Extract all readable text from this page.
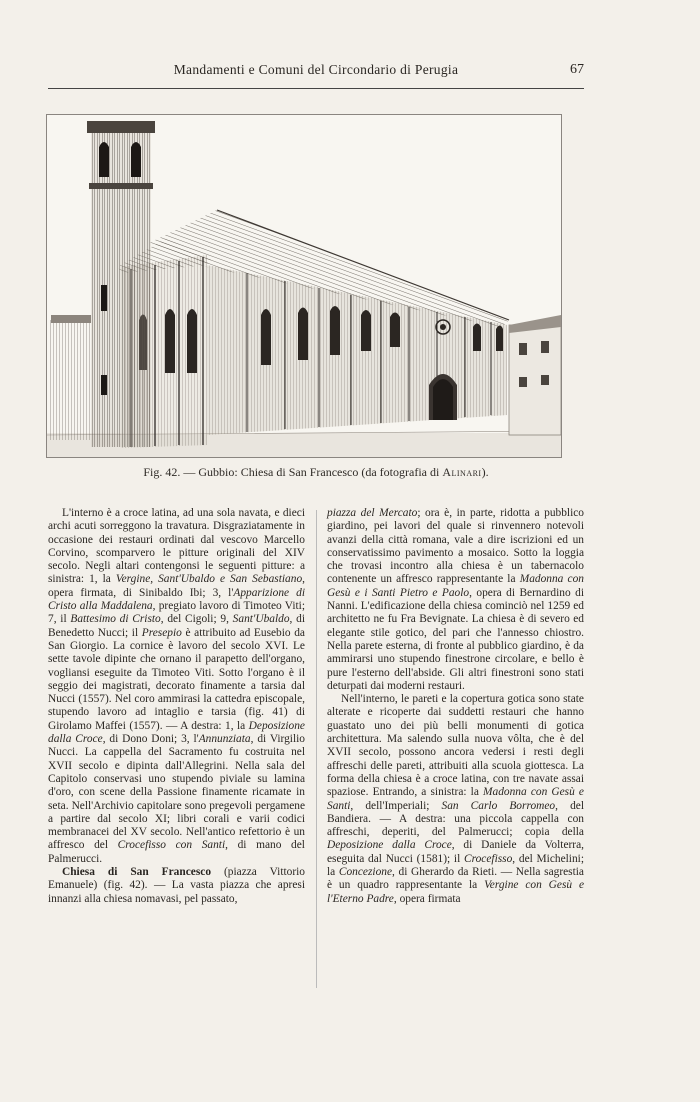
Mandamenti e Comuni del Circondario di Perugia	67
Fig. 42. — Gubbio: Chiesa di San Francesco (da fotografia di Alinari).

L'interno è a croce latina, ad una sola navata, e dieci archi acuti sorreggono la travatura. Disgraziatamente in occasione dei restauri ordinati dal vescovo Marcello Corvino, scomparvero le pitture originali del XIV secolo. Negli altari contengonsi le seguenti pitture: a sinistra: 1, la Vergine, Sant'Ubaldo e San Sebastiano, opera firmata, di Sinibaldo Ibi; 3, l'Apparizione di Cristo alla Maddalena, pregiato lavoro di Timoteo Viti; 7, il Battesimo di Cristo, del Cigoli; 9, Sant'Ubaldo, di Benedetto Nucci; il Presepio è attribuito ad Eusebio da San Giorgio. La cornice è lavoro del secolo XVI. Le sette tavole dipinte che ornano il parapetto dell'organo, vogliansi eseguite da Timoteo Viti. Sotto l'organo è il seggio dei magistrati, decorato finamente a tarsia dal Nucci (1557). Nel coro ammirasi la cattedra episcopale, stupendo lavoro ad intaglio e tarsia (fig. 41) di Girolamo Maffei (1557). — A destra: 1, la Deposizione dalla Croce, di Dono Doni; 3, l'Annunziata, di Virgilio Nucci. La cappella del Sacramento fu costruita nel XVII secolo e dipinta dall'Allegrini. Nella sala del Capitolo conservasi uno stupendo piviale su lamina d'oro, con scene della Passione finamente ricamate in seta. Nell'Archivio capitolare sono pregevoli pergamene a partire dal secolo XI; libri corali e varii codici membranacei del XV secolo. Nell'antico refettorio è un affresco del Crocefisso con Santi, di mano del Palmerucci.

Chiesa di San Francesco (piazza Vittorio Emanuele) (fig. 42). — La vasta piazza che apresi innanzi alla chiesa nomavasi, pel passato,

piazza del Mercato; ora è, in parte, ridotta a pubblico giardino, pei lavori del quale si rinvennero notevoli avanzi della città romana, vale a dire iscrizioni ed un conservatissimo pavimento a mosaico. Sotto la loggia che trovasi incontro alla chiesa è un tabernacolo contenente un affresco rappresentante la Madonna con Gesù e i Santi Pietro e Paolo, opera di Bernardino di Nanni. L'edificazione della chiesa cominciò nel 1259 ed architetto ne fu Fra Bevignate. La chiesa è di severo ed elegante stile gotico, del pari che l'annesso chiostro. Nella parete esterna, di fronte al pubblico giardino, è da ammirarsi uno stupendo finestrone circolare, e bello è pure l'esterno dell'abside. Gli altri finestroni sono stati deturpati dai moderni restauri.

Nell'interno, le pareti e la copertura gotica sono state alterate e ricoperte dai suddetti restauri che hanno guastato uno dei più belli monumenti di gotica architettura. Ma salendo sulla nuova vôlta, che è del XVII secolo, possono ancora vedersi i resti degli affreschi delle pareti, attribuiti alla scuola giottesca. La forma della chiesa è a croce latina, con tre navate assai spaziose. Entrando, a sinistra: la Madonna con Gesù e Santi, dell'Imperiali; San Carlo Borromeo, del Bandiera. — A destra: una piccola cappella con affreschi, deperiti, del Palmerucci; copia della Deposizione dalla Croce, di Daniele da Volterra, eseguita dal Nucci (1581); il Crocefisso, del Michelini; la Concezione, di Gherardo da Rieti. — Nella sagrestia è un quadro rappresentante la Vergine con Gesù e l'Eterno Padre, opera firmata
